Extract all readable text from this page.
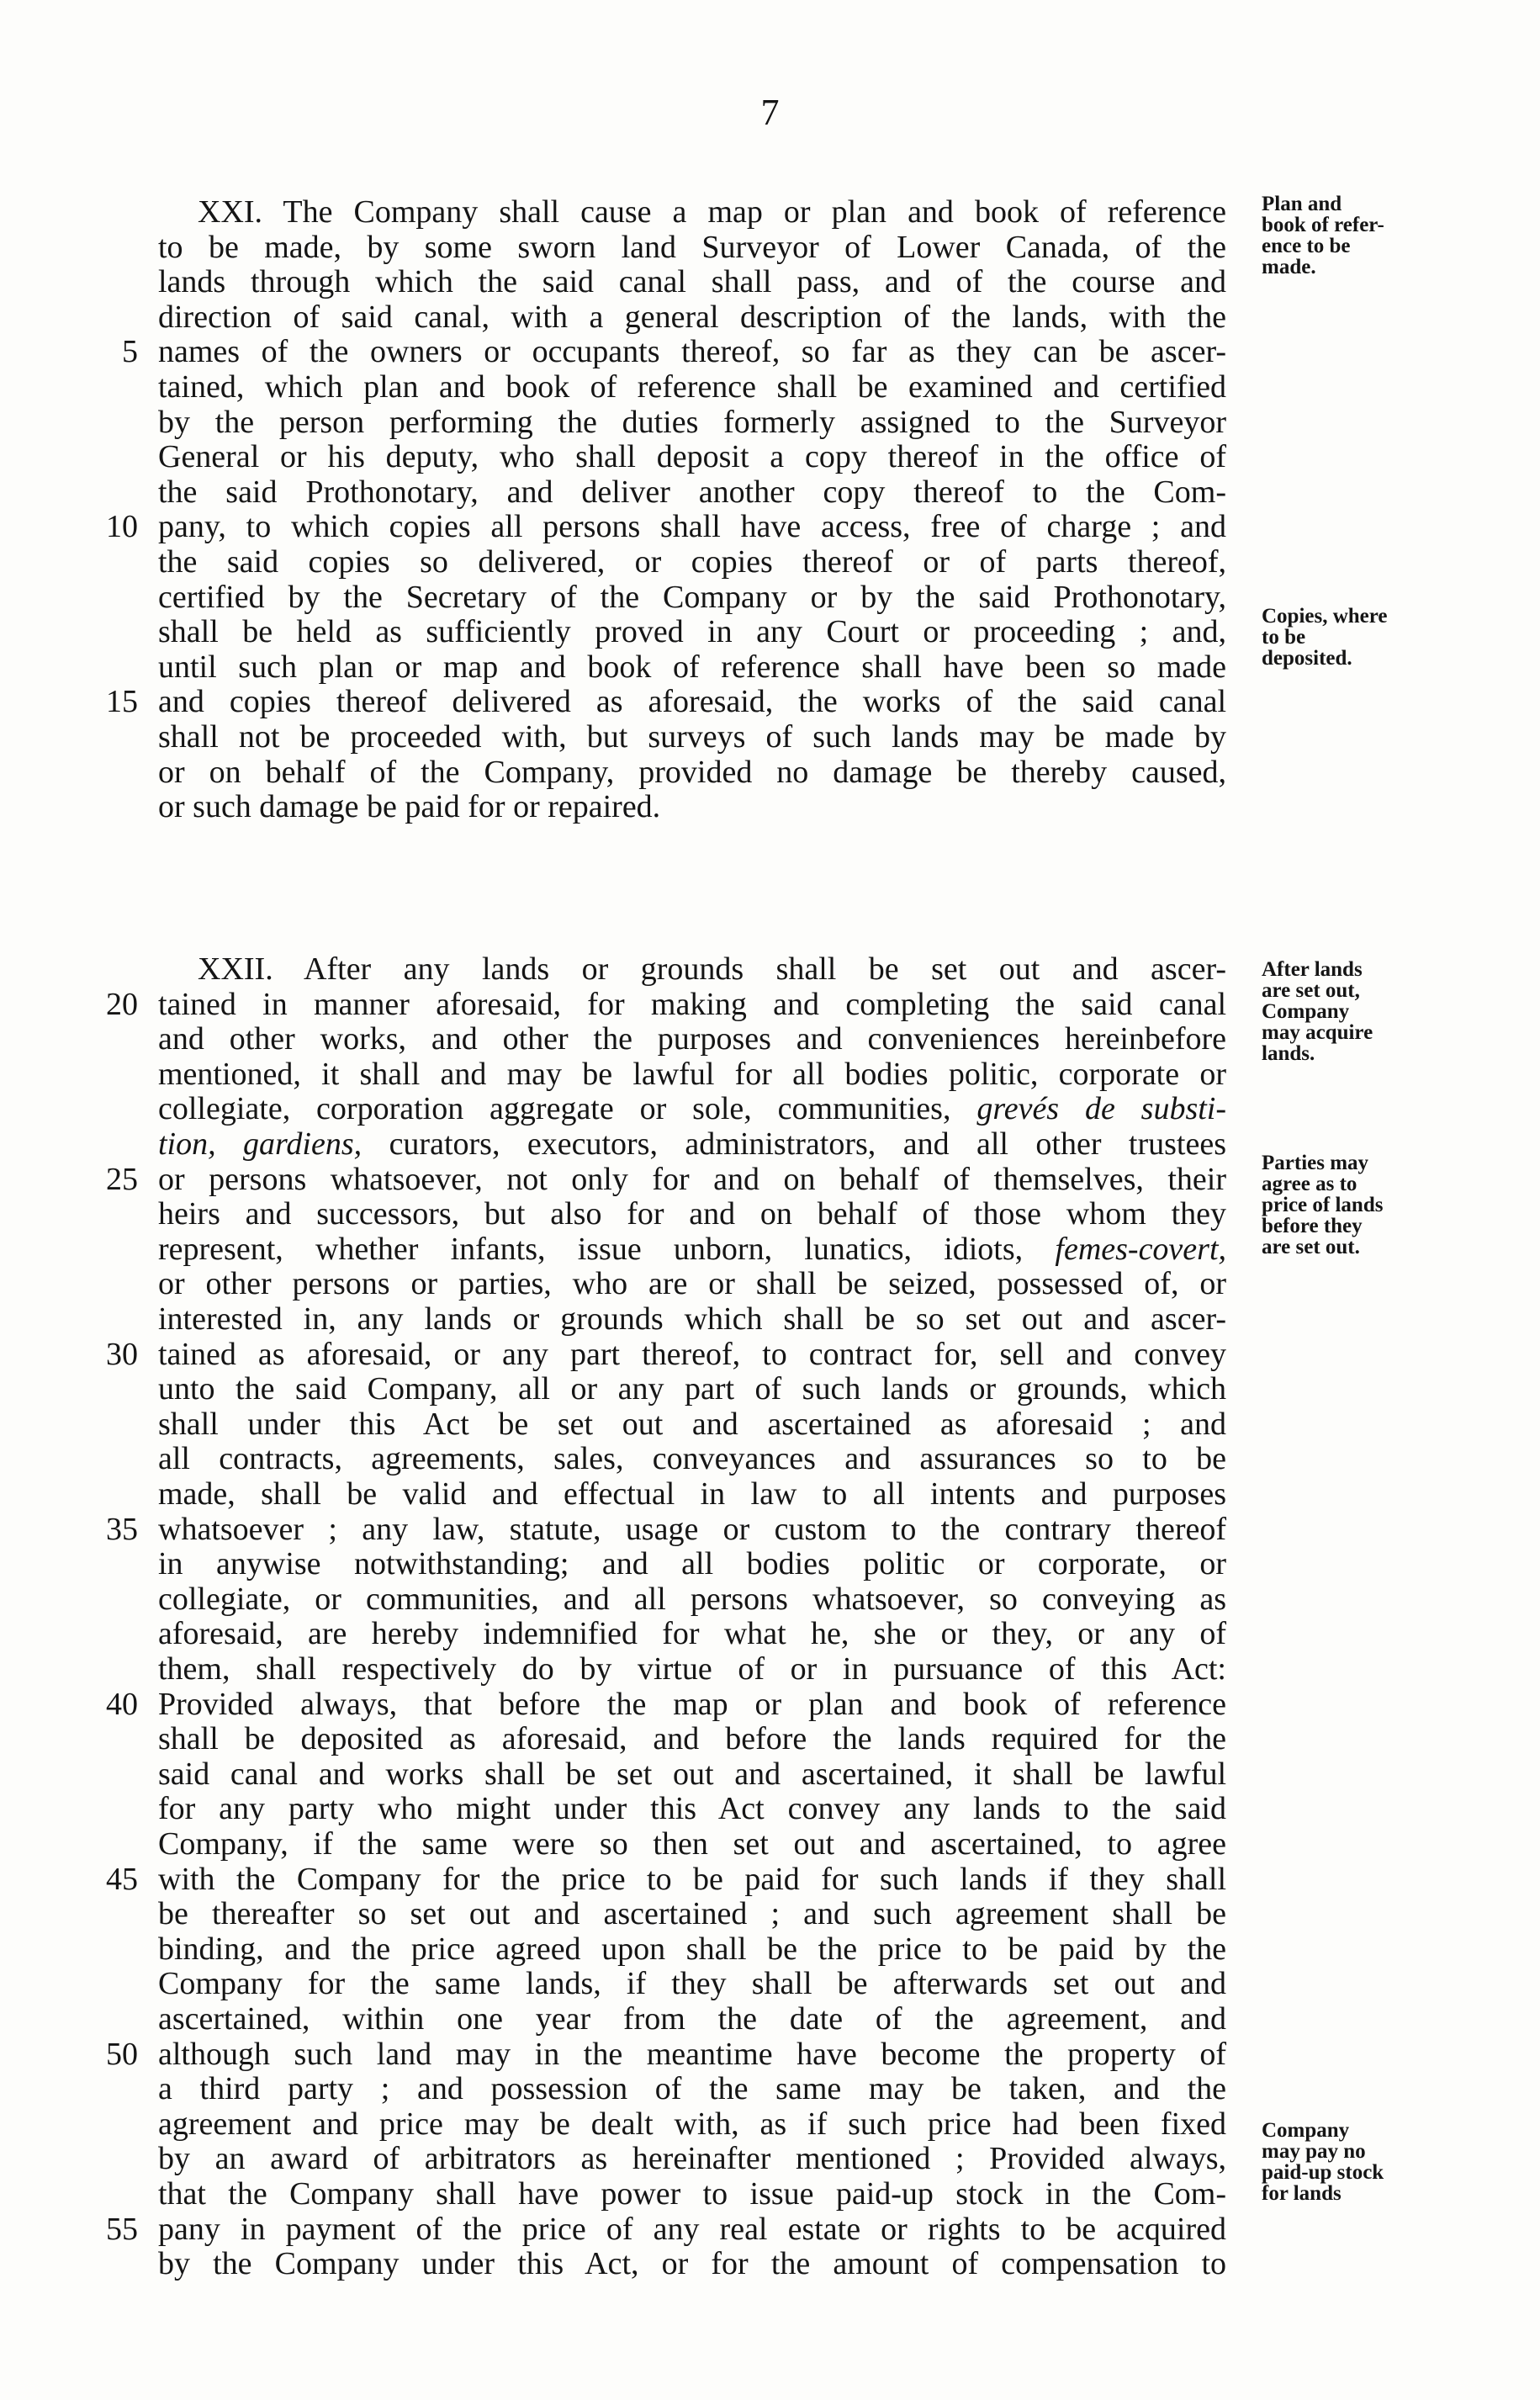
7
XXI. The Company shall cause a map or plan and book of reference
to be made, by some sworn land Surveyor of Lower Canada, of the
lands through which the said canal shall pass, and of the course and
direction of said canal, with a general description of the lands, with the
5 names of the owners or occupants thereof, so far as they can be ascer-
tained, which plan and book of reference shall be examined and certified
by the person performing the duties formerly assigned to the Surveyor
General or his deputy, who shall deposit a copy thereof in the office of
the said Prothonotary, and deliver another copy thereof to the Com-
10 pany, to which copies all persons shall have access, free of charge ; and
the said copies so delivered, or copies thereof or of parts thereof,
certified by the Secretary of the Company or by the said Prothonotary,
shall be held as sufficiently proved in any Court or proceeding ; and,
until such plan or map and book of reference shall have been so made
15 and copies thereof delivered as aforesaid, the works of the said canal
shall not be proceeded with, but surveys of such lands may be made by
or on behalf of the Company, provided no damage be thereby caused,
or such damage be paid for or repaired.
Plan and
book of refer-
ence to be
made.
Copies, where
to be
deposited.
XXII. After any lands or grounds shall be set out and ascer-
20 tained in manner aforesaid, for making and completing the said canal
and other works, and other the purposes and conveniences hereinbefore
mentioned, it shall and may be lawful for all bodies politic, corporate or
collegiate, corporation aggregate or sole, communities, grevés de substi-
tion, gardiens, curators, executors, administrators, and all other trustees
25 or persons whatsoever, not only for and on behalf of themselves, their
heirs and successors, but also for and on behalf of those whom they
represent, whether infants, issue unborn, lunatics, idiots, femes-covert,
or other persons or parties, who are or shall be seized, possessed of, or
interested in, any lands or grounds which shall be so set out and ascer-
30 tained as aforesaid, or any part thereof, to contract for, sell and convey
unto the said Company, all or any part of such lands or grounds, which
shall under this Act be set out and ascertained as aforesaid ; and
all contracts, agreements, sales, conveyances and assurances so to be
made, shall be valid and effectual in law to all intents and purposes
35 whatsoever ; any law, statute, usage or custom to the contrary thereof
in anywise notwithstanding; and all bodies politic or corporate, or
collegiate, or communities, and all persons whatsoever, so conveying as
aforesaid, are hereby indemnified for what he, she or they, or any of
them, shall respectively do by virtue of or in pursuance of this Act:
40 Provided always, that before the map or plan and book of reference
shall be deposited as aforesaid, and before the lands required for the
said canal and works shall be set out and ascertained, it shall be lawful
for any party who might under this Act convey any lands to the said
Company, if the same were so then set out and ascertained, to agree
45 with the Company for the price to be paid for such lands if they shall
be thereafter so set out and ascertained ; and such agreement shall be
binding, and the price agreed upon shall be the price to be paid by the
Company for the same lands, if they shall be afterwards set out and
ascertained, within one year from the date of the agreement, and
50 although such land may in the meantime have become the property of
a third party ; and possession of the same may be taken, and the
agreement and price may be dealt with, as if such price had been fixed
by an award of arbitrators as hereinafter mentioned ; Provided always,
that the Company shall have power to issue paid-up stock in the Com-
55 pany in payment of the price of any real estate or rights to be acquired
by the Company under this Act, or for the amount of compensation to
After lands
are set out,
Company
may acquire
lands.
Parties may
agree as to
price of lands
before they
are set out.
Company
may pay no
paid-up stock
for lands
